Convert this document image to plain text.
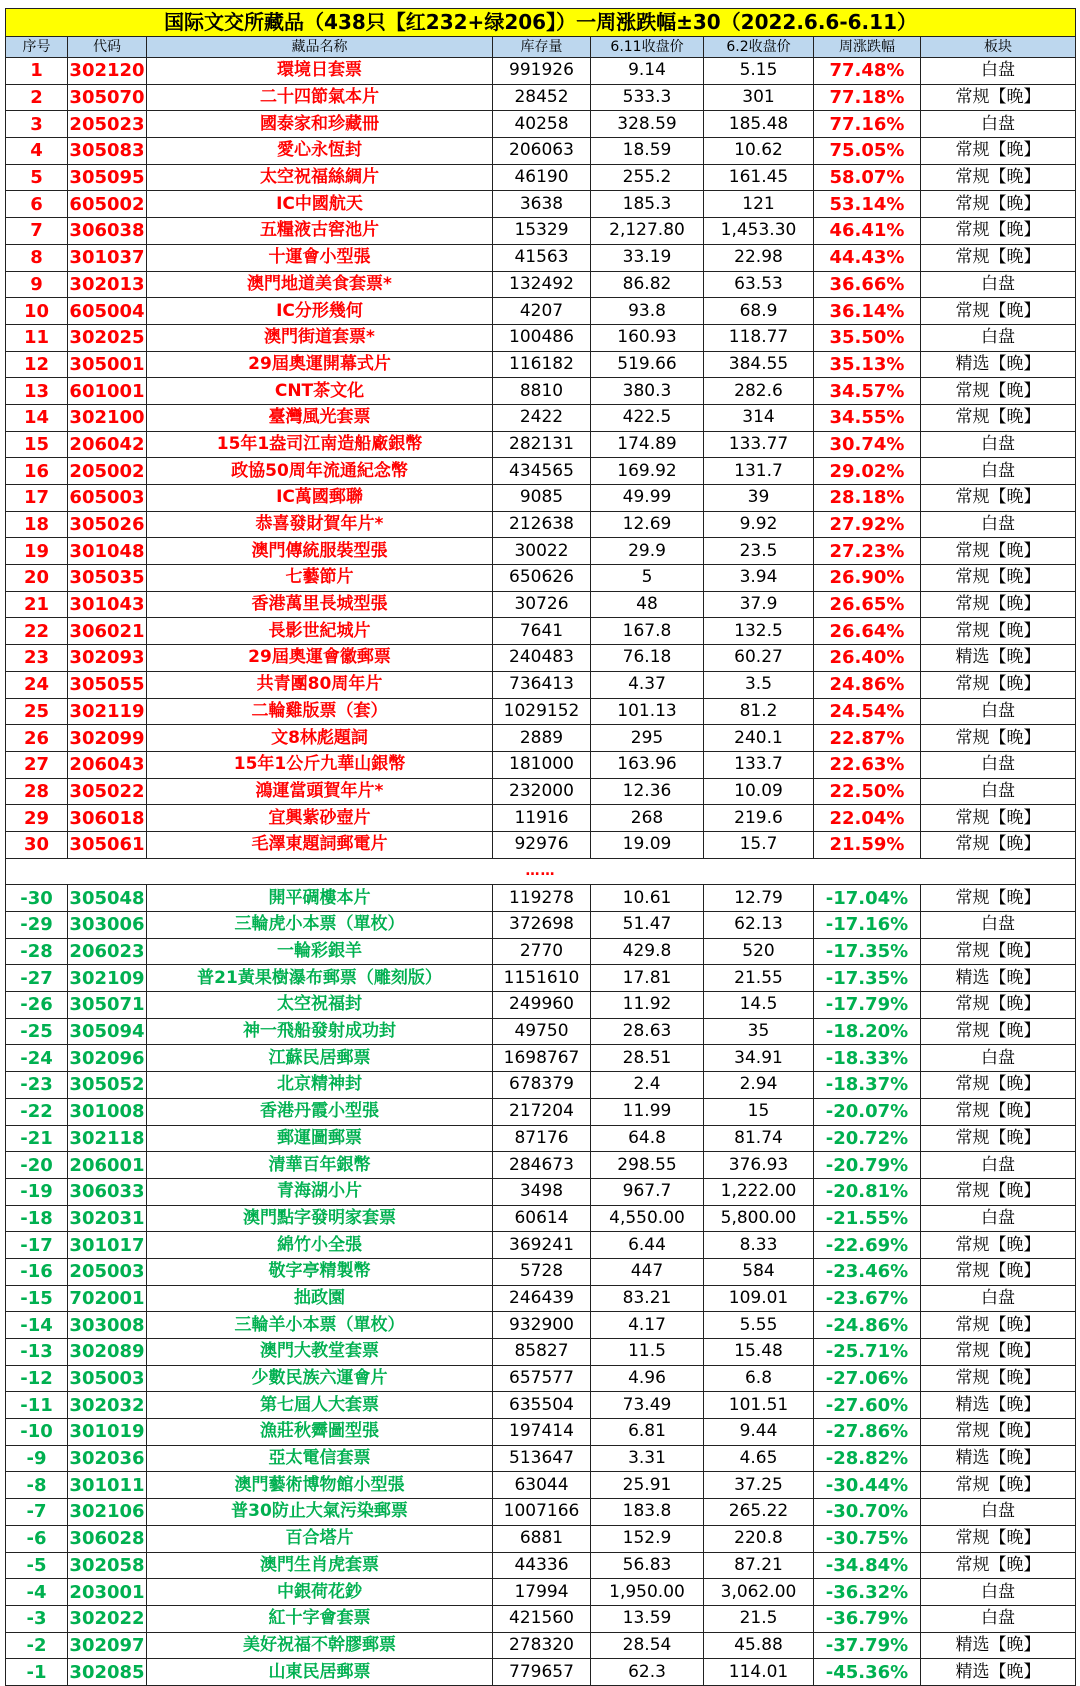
国际文交所藏品（438只【红232+绿206】）一周涨跌幅±30（2022.6.6-6.11）							
序号	代码	藏品名称	库存量	6.11收盘价	6.2收盘价	周涨跌幅	板块
1	302120	環境日套票	991926	9.14	5.15	77.48%	白盘
2	305070	二十四節氣本片	28452	533.3	301	77.18%	常规【晚】
3	205023	國泰家和珍藏冊	40258	328.59	185.48	77.16%	白盘
4	305083	愛心永恆封	206063	18.59	10.62	75.05%	常规【晚】
5	305095	太空祝福絲綢片	46190	255.2	161.45	58.07%	常规【晚】
6	605002	IC中國航天	3638	185.3	121	53.14%	常规【晚】
7	306038	五糧液古窖池片	15329	2,127.80	1,453.30	46.41%	常规【晚】
8	301037	十運會小型張	41563	33.19	22.98	44.43%	常规【晚】
9	302013	澳門地道美食套票*	132492	86.82	63.53	36.66%	白盘
10	605004	IC分形幾何	4207	93.8	68.9	36.14%	常规【晚】
11	302025	澳門街道套票*	100486	160.93	118.77	35.50%	白盘
12	305001	29屆奧運開幕式片	116182	519.66	384.55	35.13%	精选【晚】
13	601001	CNT茶文化	8810	380.3	282.6	34.57%	常规【晚】
14	302100	臺灣風光套票	2422	422.5	314	34.55%	常规【晚】
15	206042	15年1盎司江南造船廠銀幣	282131	174.89	133.77	30.74%	白盘
16	205002	政協50周年流通紀念幣	434565	169.92	131.7	29.02%	白盘
17	605003	IC萬國郵聯	9085	49.99	39	28.18%	常规【晚】
18	305026	恭喜發財賀年片*	212638	12.69	9.92	27.92%	白盘
19	301048	澳門傳統服裝型張	30022	29.9	23.5	27.23%	常规【晚】
20	305035	七藝節片	650626	5	3.94	26.90%	常规【晚】
21	301043	香港萬里長城型張	30726	48	37.9	26.65%	常规【晚】
22	306021	長影世紀城片	7641	167.8	132.5	26.64%	常规【晚】
23	302093	29屆奧運會徽郵票	240483	76.18	60.27	26.40%	精选【晚】
24	305055	共青團80周年片	736413	4.37	3.5	24.86%	常规【晚】
25	302119	二輪雞版票（套）	1029152	101.13	81.2	24.54%	白盘
26	302099	文8林彪題詞	2889	295	240.1	22.87%	常规【晚】
27	206043	15年1公斤九華山銀幣	181000	163.96	133.7	22.63%	白盘
28	305022	鴻運當頭賀年片*	232000	12.36	10.09	22.50%	白盘
29	306018	宜興紫砂壺片	11916	268	219.6	22.04%	常规【晚】
30	305061	毛澤東題詞郵電片	92976	19.09	15.7	21.59%	常规【晚】
……							
-30	305048	開平碉樓本片	119278	10.61	12.79	-17.04%	常规【晚】
-29	303006	三輪虎小本票（單枚）	372698	51.47	62.13	-17.16%	白盘
-28	206023	一輪彩銀羊	2770	429.8	520	-17.35%	常规【晚】
-27	302109	普21黃果樹瀑布郵票（雕刻版）	1151610	17.81	21.55	-17.35%	精选【晚】
-26	305071	太空祝福封	249960	11.92	14.5	-17.79%	常规【晚】
-25	305094	神一飛船發射成功封	49750	28.63	35	-18.20%	常规【晚】
-24	302096	江蘇民居郵票	1698767	28.51	34.91	-18.33%	白盘
-23	305052	北京精神封	678379	2.4	2.94	-18.37%	常规【晚】
-22	301008	香港丹霞小型張	217204	11.99	15	-20.07%	常规【晚】
-21	302118	郵運圖郵票	87176	64.8	81.74	-20.72%	常规【晚】
-20	206001	清華百年銀幣	284673	298.55	376.93	-20.79%	白盘
-19	306033	青海湖小片	3498	967.7	1,222.00	-20.81%	常规【晚】
-18	302031	澳門點字發明家套票	60614	4,550.00	5,800.00	-21.55%	白盘
-17	301017	綿竹小全張	369241	6.44	8.33	-22.69%	常规【晚】
-16	205003	敬字亭精製幣	5728	447	584	-23.46%	常规【晚】
-15	702001	拙政園	246439	83.21	109.01	-23.67%	白盘
-14	303008	三輪羊小本票（單枚）	932900	4.17	5.55	-24.86%	常规【晚】
-13	302089	澳門大教堂套票	85827	11.5	15.48	-25.71%	常规【晚】
-12	305003	少數民族六運會片	657577	4.96	6.8	-27.06%	常规【晚】
-11	302032	第七屆人大套票	635504	73.49	101.51	-27.60%	精选【晚】
-10	301019	漁莊秋霽圖型張	197414	6.81	9.44	-27.86%	常规【晚】
-9	302036	亞太電信套票	513647	3.31	4.65	-28.82%	精选【晚】
-8	301011	澳門藝術博物館小型張	63044	25.91	37.25	-30.44%	常规【晚】
-7	302106	普30防止大氣污染郵票	1007166	183.8	265.22	-30.70%	白盘
-6	306028	百合塔片	6881	152.9	220.8	-30.75%	常规【晚】
-5	302058	澳門生肖虎套票	44336	56.83	87.21	-34.84%	常规【晚】
-4	203001	中銀荷花鈔	17994	1,950.00	3,062.00	-36.32%	白盘
-3	302022	紅十字會套票	421560	13.59	21.5	-36.79%	白盘
-2	302097	美好祝福不幹膠郵票	278320	28.54	45.88	-37.79%	精选【晚】
-1	302085	山東民居郵票	779657	62.3	114.01	-45.36%	精选【晚】
